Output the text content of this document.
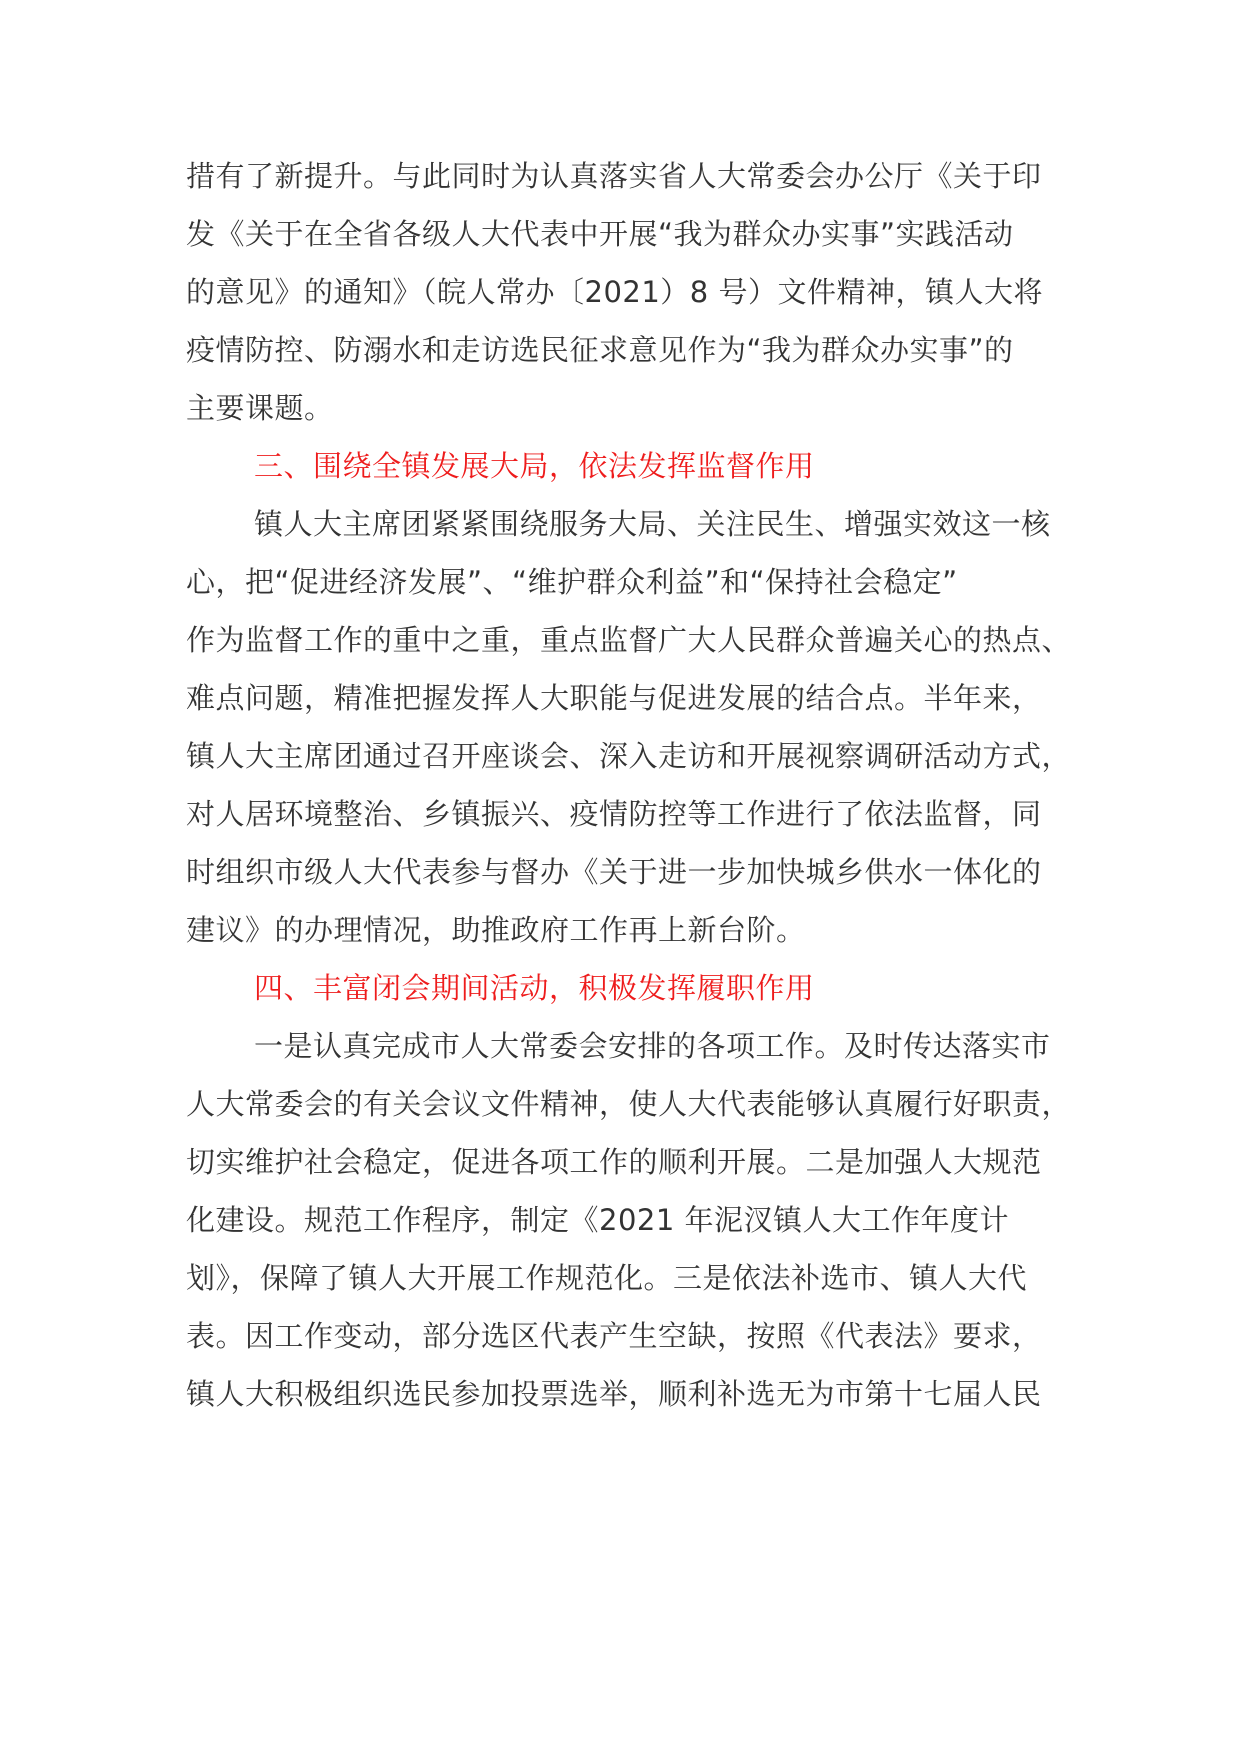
措有了新提升。与此同时为认真落实省人大常委会办公厅《关于印
发《关于在全省各级人大代表中开展“我为群众办实事”实践活动
的意见》的通知》（皖人常办〔2021）8 号）文件精神，镇人大将
疫情防控、防溺水和走访选民征求意见作为“我为群众办实事”的
主要课题。
三、围绕全镇发展大局，依法发挥监督作用
镇人大主席团紧紧围绕服务大局、关注民生、增强实效这一核
心，把“促进经济发展”、“维护群众利益”和“保持社会稳定”
作为监督工作的重中之重，重点监督广大人民群众普遍关心的热点、
难点问题，精准把握发挥人大职能与促进发展的结合点。半年来，
镇人大主席团通过召开座谈会、深入走访和开展视察调研活动方式，
对人居环境整治、乡镇振兴、疫情防控等工作进行了依法监督，同
时组织市级人大代表参与督办《关于进一步加快城乡供水一体化的
建议》的办理情况，助推政府工作再上新台阶。
四、丰富闭会期间活动，积极发挥履职作用
一是认真完成市人大常委会安排的各项工作。及时传达落实市
人大常委会的有关会议文件精神，使人大代表能够认真履行好职责，
切实维护社会稳定，促进各项工作的顺利开展。二是加强人大规范
化建设。规范工作程序，制定《2021 年泥汊镇人大工作年度计
划》，保障了镇人大开展工作规范化。三是依法补选市、镇人大代
表。因工作变动，部分选区代表产生空缺，按照《代表法》要求，
镇人大积极组织选民参加投票选举，顺利补选无为市第十七届人民
